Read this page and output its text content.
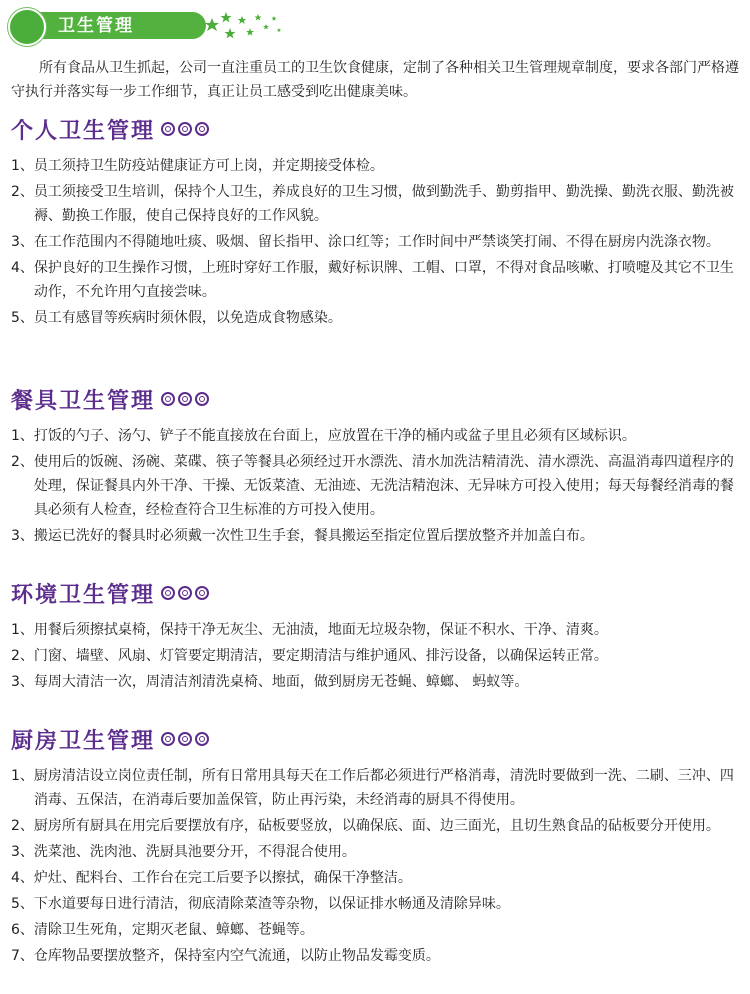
卫生管理
所有食品从卫生抓起，公司一直注重员工的卫生饮食健康，定制了各种相关卫生管理规章制度，要求各部门严格遵守执行并落实每一步工作细节，真正让员工感受到吃出健康美味。
个人卫生管理
1、 员工须持卫生防疫站健康证方可上岗，并定期接受体检。
2、 员工须接受卫生培训，保持个人卫生，养成良好的卫生习惯，做到勤洗手、勤剪指甲、勤洗操、勤洗衣服、勤洗被褥、勤换工作服，使自己保持良好的工作风貌。
3、 在工作范围内不得随地吐痰、吸烟、留长指甲、涂口红等；工作时间中严禁谈笑打闹、不得在厨房内洗涤衣物。
4、 保护良好的卫生操作习惯，上班时穿好工作服，戴好标识牌、工帽、口罩，不得对食品咳嗽、打喷嚏及其它不卫生动作，不允许用勺直接尝味。
5、 员工有感冒等疾病时须休假，以免造成食物感染。
餐具卫生管理
1、 打饭的勺子、汤勺、铲子不能直接放在台面上，应放置在干净的桶内或盆子里且必须有区域标识。
2、 使用后的饭碗、汤碗、菜碟、筷子等餐具必须经过开水漂洗、清水加洗洁精清洗、清水漂洗、高温消毒四道程序的处理，保证餐具内外干净、干操、无饭菜渣、无油迹、无洗洁精泡沫、无异味方可投入使用；每天每餐经消毒的餐具必须有人检查，经检查符合卫生标准的方可投入使用。
3、 搬运已洗好的餐具时必须戴一次性卫生手套，餐具搬运至指定位置后摆放整齐并加盖白布。
环境卫生管理
1、 用餐后须擦拭桌椅，保持干净无灰尘、无油渍，地面无垃圾杂物，保证不积水、干净、清爽。
2、 门窗、墙壁、风扇、灯管要定期清洁，要定期清洁与维护通风、排污设备，以确保运转正常。
3、 每周大清洁一次，周清洁剂清洗桌椅、地面，做到厨房无苍蝇、蟑螂、 蚂蚁等。
厨房卫生管理
1、 厨房清洁设立岗位责任制，所有日常用具每天在工作后都必须进行严格消毒，清洗时要做到一洗、二刷、三冲、四消毒、五保洁，在消毒后要加盖保管，防止再污染，未经消毒的厨具不得使用。
2、 厨房所有厨具在用完后要摆放有序，砧板要竖放，以确保底、面、边三面光，且切生熟食品的砧板要分开使用。
3、 洗菜池、洗肉池、洗厨具池要分开，不得混合使用。
4、 炉灶、配料台、工作台在完工后要予以擦拭，确保干净整洁。
5、 下水道要每日进行清洁，彻底清除菜渣等杂物，以保证排水畅通及清除异味。
6、 清除卫生死角，定期灭老鼠、蟑螂、苍蝇等。
7、 仓库物品要摆放整齐，保持室内空气流通，以防止物品发霉变质。
